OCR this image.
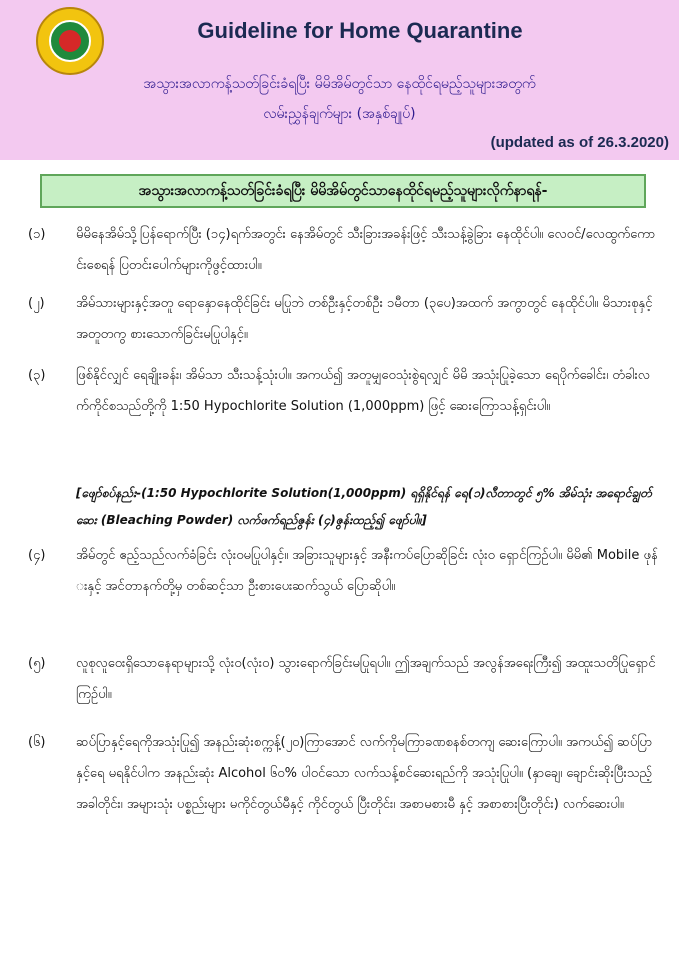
Guideline for Home Quarantine
အသွားအလာကန့်သတ်ခြင်းခံရပြီး မိမိအိမ်တွင်သာ နေထိုင်ရမည့်သူများအတွက်
လမ်းညွှန်ချက်များ (အနှစ်ချုပ်)
(updated as of 26.3.2020)
အသွားအလာကန့်သတ်ခြင်းခံရပြီး မိမိအိမ်တွင်သာနေထိုင်ရမည့်သူများလိုက်နာရန်-
(၁)	မိမိနေအိမ်သို့ပြန်ရောက်ပြီး (၁၄)ရက်အတွင်း နေအိမ်တွင် သီးခြားအခန်းဖြင့် သီးသန့်ခွဲခြား နေထိုင်ပါ။ လေဝင်/လေထွက်ကောင်းစေရန် ပြတင်းပေါက်များကိုဖွင့်ထားပါ။
(၂)	အိမ်သားများနှင့်အတူ ရောနှောနေထိုင်ခြင်း မပြုဘဲ တစ်ဦးနှင့်တစ်ဦး ၁မီတာ (၃ပေ)အထက် အကွာတွင် နေထိုင်ပါ။ မိသားစုနှင့်အတူတကွ စားသောက်ခြင်းမပြုပါနှင့်။
(၃)	ဖြစ်နိုင်လျှင် ရေချိုးခန်း၊ အိမ်သာ သီးသန့်သုံးပါ။ အကယ်၍ အတူမျှဝေသုံးစွဲရလျှင် မိမိ အသုံးပြုခဲ့သော ရေပိုက်ခေါင်း၊ တံခါးလက်ကိုင်စသည်တို့ကို 1:50 Hypochlorite Solution (1,000ppm) ဖြင့် ဆေးကြောသန့်ရှင်းပါ။
[ဖျော်စပ်နည်း-(1:50 Hypochlorite Solution(1,000ppm) ရရှိနိုင်ရန် ရေ(၁)လီတာတွင် ၅% အိမ်သုံး အရောင်ချွတ်ဆေး (Bleaching Powder) လက်ဖက်ရည်ဇွန်း (၄)ဇွန်းထည့်၍ ဖျော်ပါ။]
(၄)	အိမ်တွင် ဧည့်သည်လက်ခံခြင်း လုံးဝမပြုပါနှင့်။ အခြားသူများနှင့် အနီးကပ်ပြောဆိုခြင်း လုံးဝ ရှောင်ကြဉ်ပါ။ မိမိ၏ Mobile ဖုန်းနှင့် အင်တာနက်တို့မှ တစ်ဆင့်သာ ဦးစားပေးဆက်သွယ် ပြောဆိုပါ။
(၅)	လူစုလူဝေးရှိသောနေရာများသို့ လုံးဝ(လုံးဝ) သွားရောက်ခြင်းမပြုရပါ။ ဤအချက်သည် အလွန်အရေးကြီး၍ အထူးသတိပြုရှောင်ကြဉ်ပါ။
(၆)	ဆပ်ပြာနှင့်ရေကိုအသုံးပြု၍ အနည်းဆုံးစက္ကန့်(၂၀)ကြာအောင် လက်ကိုမကြာခဏစနစ်တကျ ဆေးကြောပါ။ အကယ်၍ ဆပ်ပြာနှင့်ရေ မရနိုင်ပါက အနည်းဆုံး Alcohol ၆၀% ပါဝင်သော လက်သန့်စင်ဆေးရည်ကို အသုံးပြုပါ။ (နှာချေ၊ ချောင်းဆိုးပြီးသည့်အခါတိုင်း၊ အများသုံး ပစ္စည်းများ မကိုင်တွယ်မီနှင့် ကိုင်တွယ် ပြီးတိုင်း၊ အစာမစားမီ နှင့် အစာစားပြီးတိုင်း) လက်ဆေးပါ။
